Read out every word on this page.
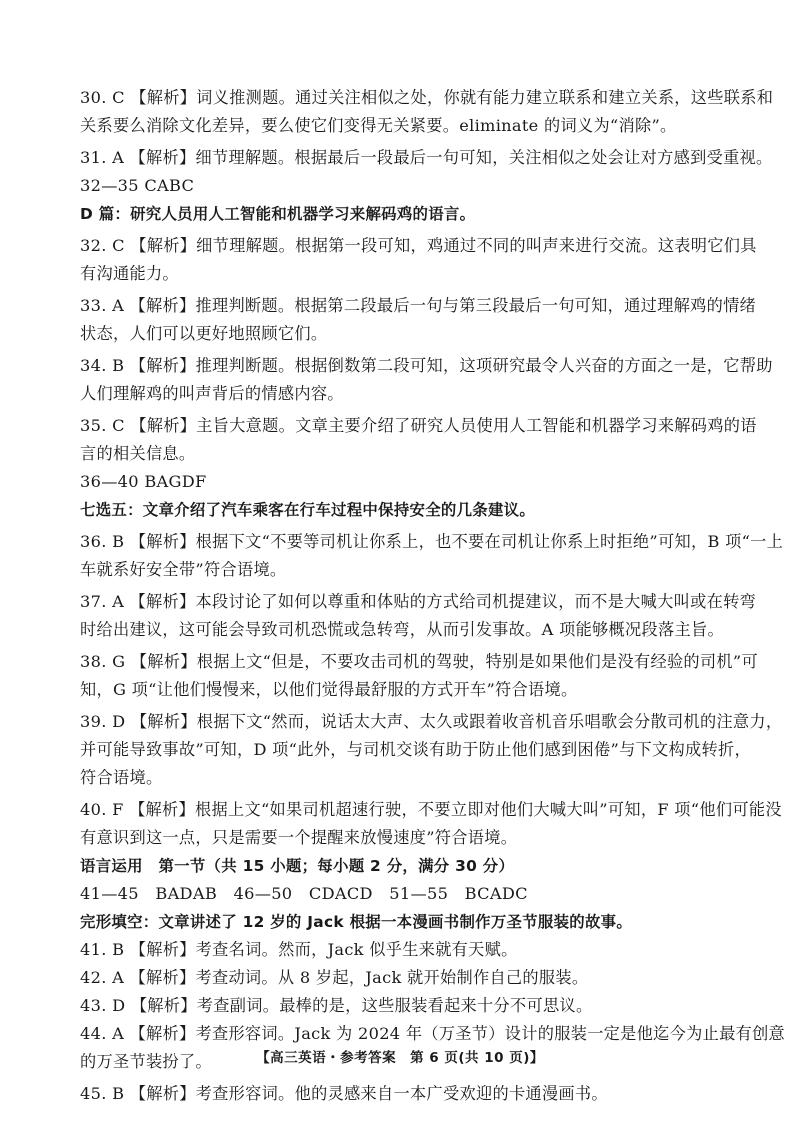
30. C 【解析】词义推测题。通过关注相似之处，你就有能力建立联系和建立关系，这些联系和
关系要么消除文化差异，要么使它们变得无关紧要。eliminate 的词义为“消除”。
31. A 【解析】细节理解题。根据最后一段最后一句可知，关注相似之处会让对方感到受重视。
32—35 CABC
D 篇：研究人员用人工智能和机器学习来解码鸡的语言。
32. C 【解析】细节理解题。根据第一段可知，鸡通过不同的叫声来进行交流。这表明它们具
有沟通能力。
33. A 【解析】推理判断题。根据第二段最后一句与第三段最后一句可知，通过理解鸡的情绪
状态，人们可以更好地照顾它们。
34. B 【解析】推理判断题。根据倒数第二段可知，这项研究最令人兴奋的方面之一是，它帮助
人们理解鸡的叫声背后的情感内容。
35. C 【解析】主旨大意题。文章主要介绍了研究人员使用人工智能和机器学习来解码鸡的语
言的相关信息。
36—40 BAGDF
七选五：文章介绍了汽车乘客在行车过程中保持安全的几条建议。
36. B 【解析】根据下文“不要等司机让你系上，也不要在司机让你系上时拒绝”可知，B 项“一上
车就系好安全带”符合语境。
37. A 【解析】本段讨论了如何以尊重和体贴的方式给司机提建议，而不是大喊大叫或在转弯
时给出建议，这可能会导致司机恐慌或急转弯，从而引发事故。A 项能够概况段落主旨。
38. G 【解析】根据上文“但是，不要攻击司机的驾驶，特别是如果他们是没有经验的司机”可
知，G 项“让他们慢慢来，以他们觉得最舒服的方式开车”符合语境。
39. D 【解析】根据下文“然而，说话太大声、太久或跟着收音机音乐唱歌会分散司机的注意力，
并可能导致事故”可知，D 项“此外，与司机交谈有助于防止他们感到困倦”与下文构成转折，
符合语境。
40. F 【解析】根据上文“如果司机超速行驶，不要立即对他们大喊大叫”可知，F 项“他们可能没
有意识到这一点，只是需要一个提醒来放慢速度”符合语境。
语言运用　第一节（共 15 小题；每小题 2 分，满分 30 分）
41—45　BADAB　46—50　CDACD　51—55　BCADC
完形填空：文章讲述了 12 岁的 Jack 根据一本漫画书制作万圣节服装的故事。
41. B 【解析】考查名词。然而，Jack 似乎生来就有天赋。
42. A 【解析】考查动词。从 8 岁起，Jack 就开始制作自己的服装。
43. D 【解析】考查副词。最棒的是，这些服装看起来十分不可思议。
44. A 【解析】考查形容词。Jack 为 2024 年（万圣节）设计的服装一定是他迄今为止最有创意
的万圣节装扮了。
45. B 【解析】考查形容词。他的灵感来自一本广受欢迎的卡通漫画书。
【高三英语・参考答案　第 6 页(共 10 页)】
